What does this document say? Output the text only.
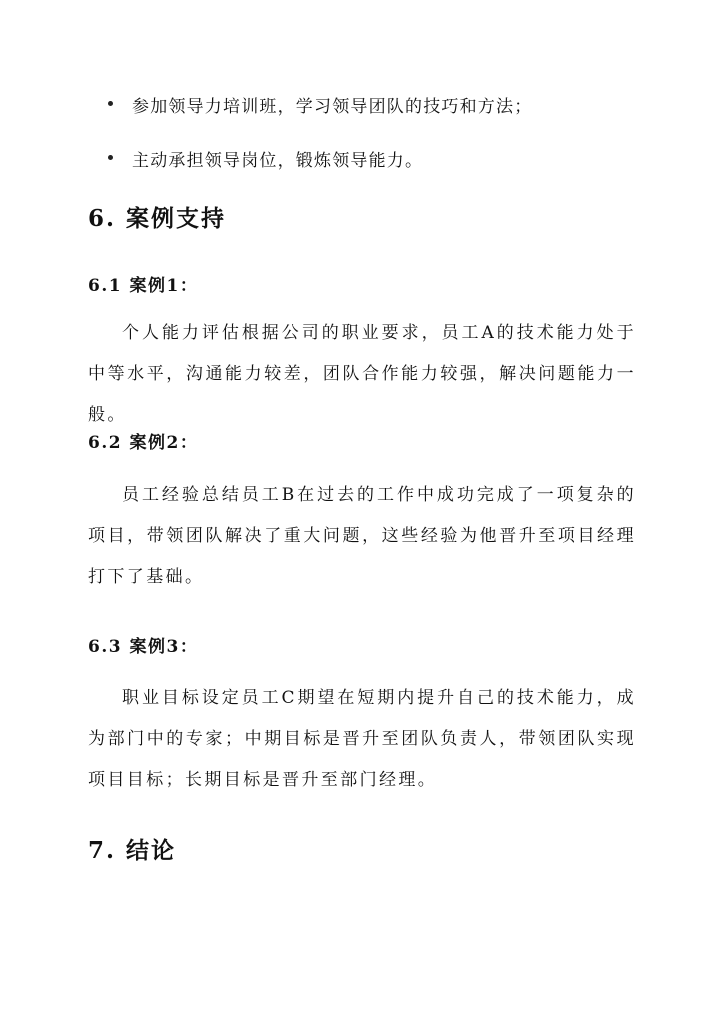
参加领导力培训班，学习领导团队的技巧和方法；
主动承担领导岗位，锻炼领导能力。
6. 案例支持
6.1 案例1：

个人能力评估根据公司的职业要求，员工A的技术能力处于中等水平，沟通能力较差，团队合作能力较强，解决问题能力一般。

6.2 案例2：

员工经验总结员工B在过去的工作中成功完成了一项复杂的项目，带领团队解决了重大问题，这些经验为他晋升至项目经理打下了基础。

6.3 案例3：

职业目标设定员工C期望在短期内提升自己的技术能力，成为部门中的专家；中期目标是晋升至团队负责人，带领团队实现项目目标；长期目标是晋升至部门经理。

7. 结论
